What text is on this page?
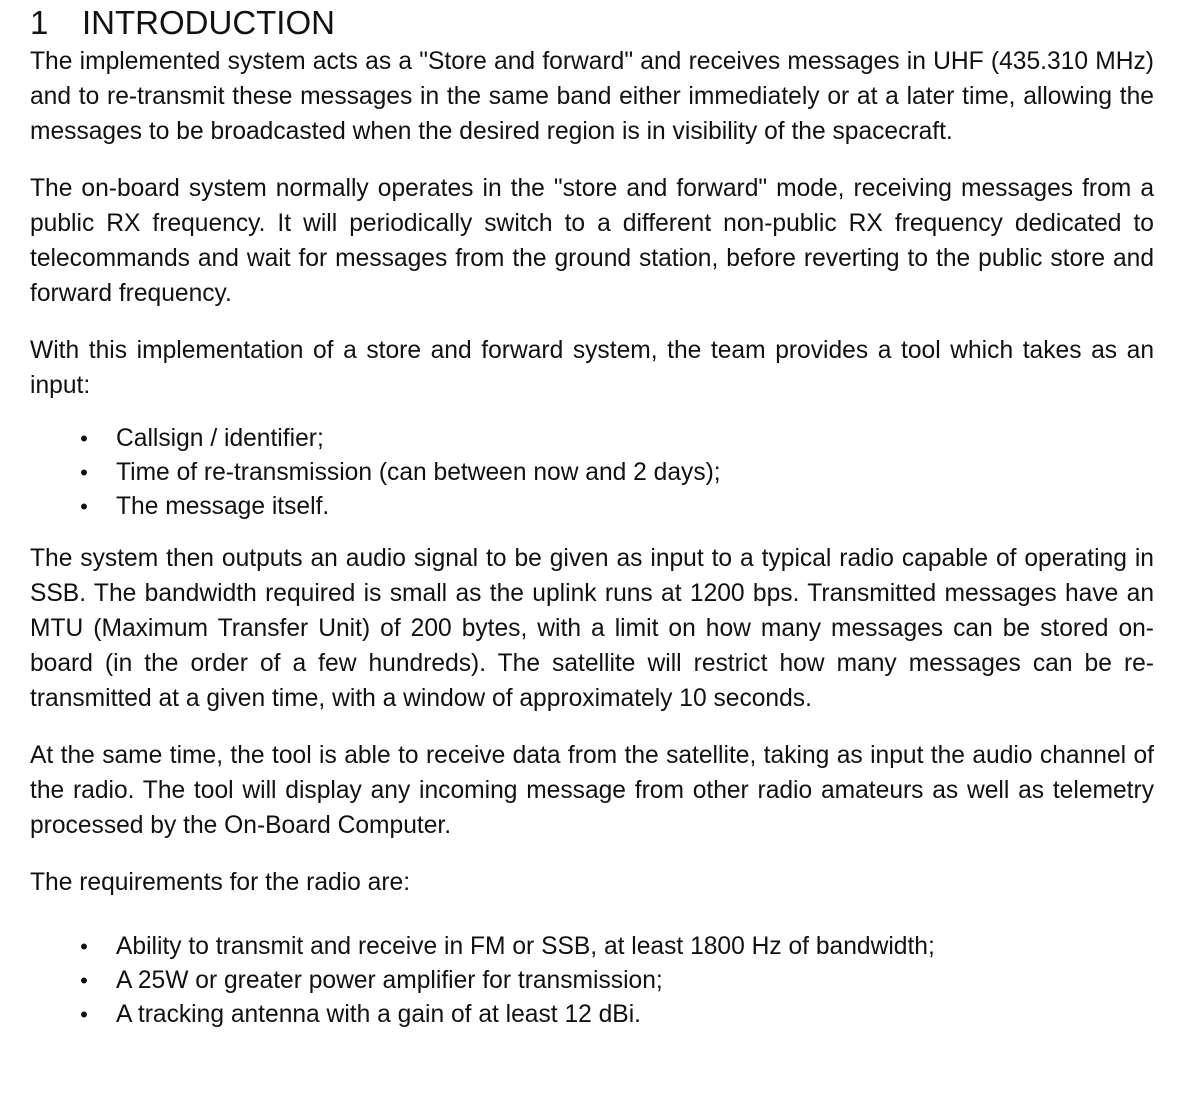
1	INTRODUCTION

The implemented system acts as a "Store and forward" and receives messages in UHF (435.310 MHz) and to re-transmit these messages in the same band either immediately or at a later time, allowing the messages to be broadcasted when the desired region is in visibility of the spacecraft.

The on-board system normally operates in the "store and forward" mode, receiving messages from a public RX frequency. It will periodically switch to a different non-public RX frequency dedicated to telecommands and wait for messages from the ground station, before reverting to the public store and forward frequency.

With this implementation of a store and forward system, the team provides a tool which takes as an input:

• Callsign / identifier;
• Time of re-transmission (can between now and 2 days);
• The message itself.

The system then outputs an audio signal to be given as input to a typical radio capable of operating in SSB. The bandwidth required is small as the uplink runs at 1200 bps. Transmitted messages have an MTU (Maximum Transfer Unit) of 200 bytes, with a limit on how many messages can be stored on-board (in the order of a few hundreds). The satellite will restrict how many messages can be re-transmitted at a given time, with a window of approximately 10 seconds.

At the same time, the tool is able to receive data from the satellite, taking as input the audio channel of the radio. The tool will display any incoming message from other radio amateurs as well as telemetry processed by the On-Board Computer.

The requirements for the radio are:

• Ability to transmit and receive in FM or SSB, at least 1800 Hz of bandwidth;
• A 25W or greater power amplifier for transmission;
• A tracking antenna with a gain of at least 12 dBi.
